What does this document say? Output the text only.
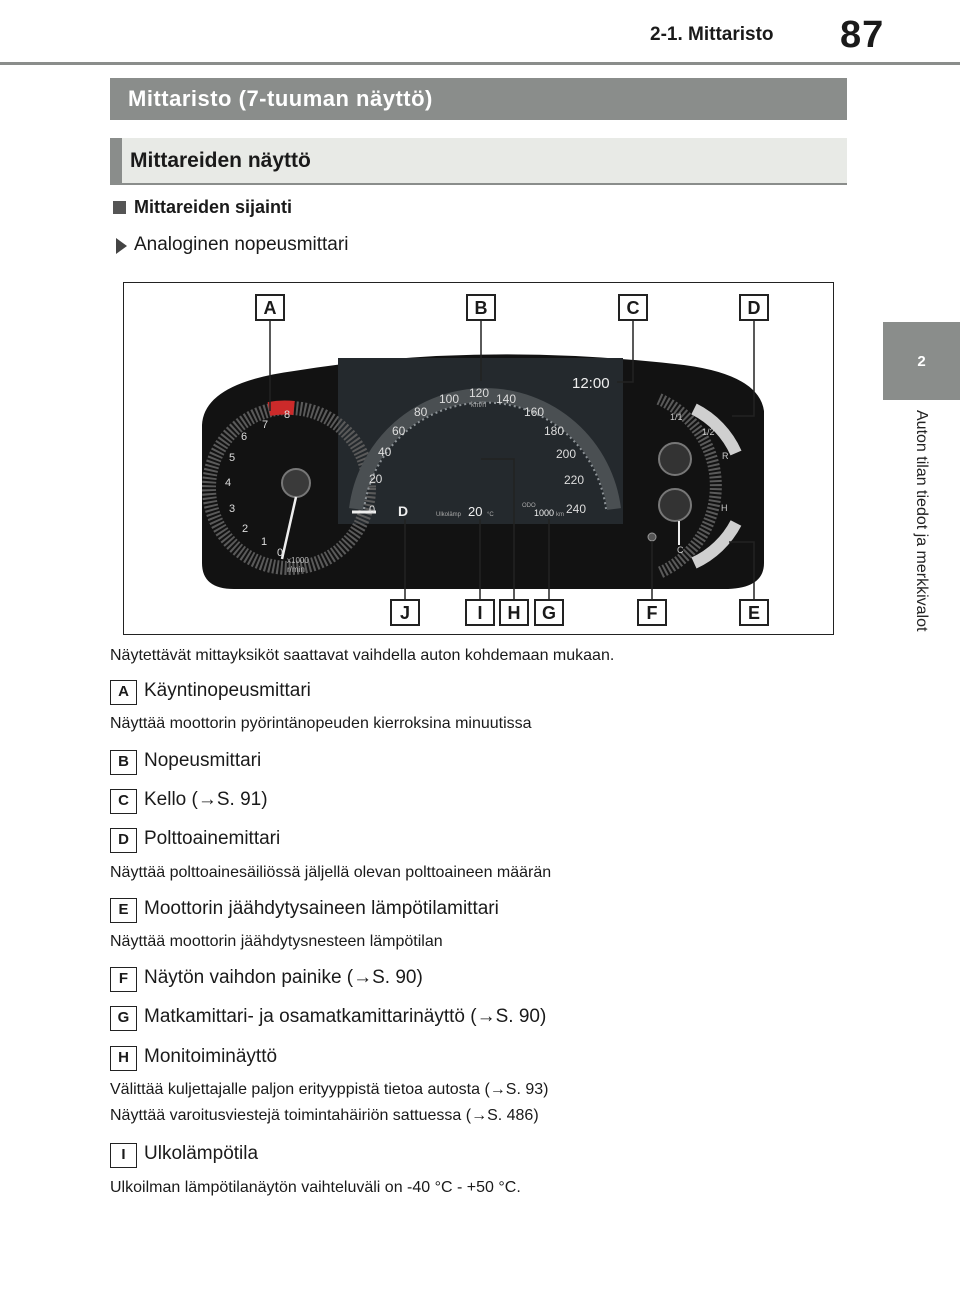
2-1. Mittaristo 87
2
Auton tilan tiedot ja merkkivalot
Mittaristo (7-tuuman näyttö)
Mittareiden näyttö
Mittareiden sijainti
Analoginen nopeusmittari
0
1
2
3
4
5
6
7
8
x1000
r/min
0
20
40
60
80
100 120
km/h 140
160
180
200
220
240
12:00
D	Ulkolämp 20 °C
ODO
1000 km
1/1
1/2
R
H
C
A	B	C	D
J	I	H	G	F	E
Näytettävät mittayksiköt saattavat vaihdella auton kohdemaan mukaan.
A Käyntinopeusmittari
Näyttää moottorin pyörintänopeuden kierroksina minuutissa
B Nopeusmittari
C Kello (→S. 91)
D Polttoainemittari
Näyttää polttoainesäiliössä jäljellä olevan polttoaineen määrän
E Moottorin jäähdytysaineen lämpötilamittari
Näyttää moottorin jäähdytysnesteen lämpötilan
F Näytön vaihdon painike (→S. 90)
G Matkamittari- ja osamatkamittarinäyttö (→S. 90)
H Monitoiminäyttö
Välittää kuljettajalle paljon erityyppistä tietoa autosta (→S. 93)
Näyttää varoitusviestejä toimintahäiriön sattuessa (→S. 486)
I Ulkolämpötila
Ulkoilman lämpötilanäytön vaihteluväli on -40 °C - +50 °C.
